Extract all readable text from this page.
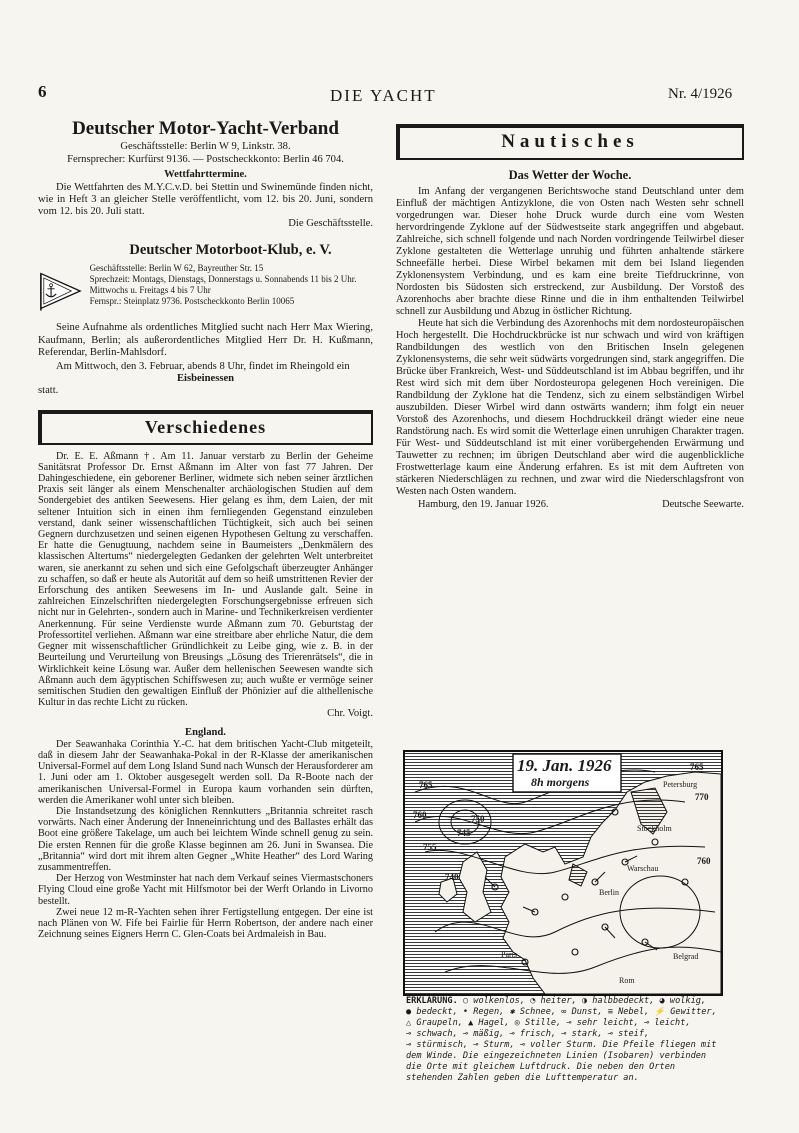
6	DIE YACHT	Nr. 4/1926
Deutscher Motor-Yacht-Verband
Geschäftsstelle: Berlin W 9, Linkstr. 38.
Fernsprecher: Kurfürst 9136. — Postscheckkonto: Berlin 46 704.
Wettfahrttermine.

Die Wettfahrten des M.Y.C.v.D. bei Stettin und Swinemünde finden nicht, wie in Heft 3 an gleicher Stelle veröffentlicht, vom 12. bis 20. Juni, sondern vom 12. bis 20. Juli statt.

Die Geschäftsstelle.
Deutscher Motorboot-Klub, e. V.
Geschäftsstelle: Berlin W 62, Bayreuther Str. 15
Sprechzeit: Montags, Dienstags, Donnerstags u. Sonnabends 11 bis 2 Uhr. Mittwochs u. Freitags 4 bis 7 Uhr
Fernspr.: Steinplatz 9736. Postscheckkonto Berlin 10065

Seine Aufnahme als ordentliches Mitglied sucht nach Herr Max Wiering, Kaufmann, Berlin; als außerordentliches Mitglied Herr Dr. H. Kußmann, Referendar, Berlin-Mahlsdorf.

Am Mittwoch, den 3. Februar, abends 8 Uhr, findet im Rheingold ein

Eisbeinessen
statt.
Verschiedenes

Dr. E. E. Aßmann †. Am 11. Januar verstarb zu Berlin der Geheime Sanitätsrat Professor Dr. Ernst Aßmann im Alter von fast 77 Jahren. Der Dahingeschiedene, ein geborener Berliner, widmete sich neben seiner ärztlichen Praxis seit länger als einem Menschenalter archäologischen Studien auf dem Sondergebiet des antiken Seewesens. Hier gelang es ihm, dem Laien, der mit seltener Intuition sich in einen ihm fernliegenden Gegenstand einzuleben verstand, dank seiner wissenschaftlichen Tüchtigkeit, sich auch bei seinen Gegnern durchzusetzen und seinen eigenen Hypothesen Geltung zu verschaffen. Er hatte die Genugtuung, nachdem seine in Baumeisters „Denkmälern des klassischen Altertums“ niedergelegten Gedanken der gelehrten Welt unterbreitet waren, sie anerkannt zu sehen und sich eine Gefolgschaft überzeugter Anhänger zu schaffen, so daß er heute als Autorität auf dem so heiß umstrittenen Revier der Erforschung des antiken Seewesens im In- und Auslande galt. Seine in zahlreichen Einzelschriften niedergelegten Forschungsergebnisse erfreuen sich nicht nur in Gelehrten-, sondern auch in Marine- und Technikerkreisen verdienter Anerkennung. Für seine Verdienste wurde Aßmann zum 70. Geburtstag der Professortitel verliehen. Aßmann war eine streitbare aber ehrliche Natur, die dem Gegner mit wissenschaftlicher Gründlichkeit zu Leibe ging, wie z. B. in der Beurteilung und Verurteilung von Breusings „Lösung des Trierenrätsels“, die in Wirklichkeit keine Lösung war. Außer dem hellenischen Seewesen wandte sich Aßmann auch dem ägyptischen Schiffswesen zu; auch wußte er vermöge seiner semitischen Studien den gewaltigen Einfluß der Phönizier auf die althellenische Kultur in das rechte Licht zu rücken.

Chr. Voigt.
England.

Der Seawanhaka Corinthia Y.-C. hat dem britischen Yacht-Club mitgeteilt, daß in diesem Jahr der Seawanhaka-Pokal in der R-Klasse der amerikanischen Universal-Formel auf dem Long Island Sund nach Wunsch der Herausforderer am 1. Juni oder am 1. Oktober ausgesegelt werden soll. Da R-Boote nach der amerikanischen Universal-Formel in Europa kaum vorhanden sein dürften, werden die Amerikaner wohl unter sich bleiben.

Die Instandsetzung des königlichen Rennkutters „Britannia schreitet rasch vorwärts. Nach einer Änderung der Inneneinrichtung und des Ballastes erhält das Boot eine größere Takelage, um auch bei leichtem Winde schnell genug zu sein. Die ersten Rennen für die große Klasse beginnen am 26. Juni in Swansea. Die „Britannia“ wird dort mit ihrem alten Gegner „White Heather“ des Lord Waring zusammentreffen.

Der Herzog von Westminster hat nach dem Verkauf seines Viermastschoners Flying Cloud eine große Yacht mit Hilfsmotor bei der Werft Orlando in Livorno bestellt.

Zwei neue 12 m-R-Yachten sehen ihrer Fertigstellung entgegen. Der eine ist nach Plänen von W. Fife bei Fairlie für Herrn Robertson, der andere nach einer Zeichnung seines Eigners Herrn C. Glen-Coats bei Ardmaleish in Bau.

Nautisches
Das Wetter der Woche.

Im Anfang der vergangenen Berichtswoche stand Deutschland unter dem Einfluß der mächtigen Antizyklone, die von Osten nach Westen sehr schnell vorgedrungen war. Dieser hohe Druck wurde durch eine vom Westen hervordringende Zyklone auf der Südwestseite stark angegriffen und abgebaut. Zahlreiche, sich schnell folgende und nach Norden vordringende Teilwirbel dieser Zyklone gestalteten die Wetterlage unruhig und führten anhaltende stärkere Schneefälle herbei. Diese Wirbel bekamen mit dem bei Island liegenden Zyklonensystem Verbindung, und es kam eine breite Tiefdruckrinne, von Nordosten bis Südosten sich erstreckend, zur Ausbildung. Der Vorstoß des Azorenhochs aber brachte diese Rinne und die in ihm enthaltenden Teilwirbel schnell zur Ausbildung und Abzug in östlicher Richtung.

Heute hat sich die Verbindung des Azorenhochs mit dem nordosteuropäischen Hoch hergestellt. Die Hochdruckbrücke ist nur schwach und wird von kräftigen Randbildungen des westlich von den Britischen Inseln gelegenen Zyklonensystems, die sehr weit südwärts vorgedrungen sind, stark angegriffen. Die Brücke über Frankreich, West- und Süddeutschland ist im Abbau begriffen, und ihr Rest wird sich mit dem über Nordosteuropa gelegenen Hoch vereinigen. Die Randbildung der Zyklone hat die Tendenz, sich zu einem selbständigen Wirbel auszubilden. Dieser Wirbel wird dann ostwärts wandern; ihm folgt ein neuer Vorstoß des Azorenhochs, und diesem Hochdruckkeil drängt wieder eine neue Randstörung nach. Es wird somit die Wetterlage einen unruhigen Charakter tragen. Für West- und Süddeutschland ist mit einer vorübergehenden Erwärmung und Tauwetter zu rechnen; im übrigen Deutschland aber wird die augenblickliche Frostwetterlage kaum eine Änderung erfahren. Es ist mit dem Auftreten von stärkeren Niederschlägen zu rechnen, und zwar wird die Niederschlagsfront von Westen nach Osten wandern.

Hamburg, den 19. Januar 1926.	Deutsche Seewarte.
19. Jan. 1926
8h morgens
765
760
755
750
745
740
770
760
765
Warschau
Berlin
Paris	Belgrad
Petersburg
Rom
Stockholm
ERKLÄRUNG. ○ wolkenlos, ◔ heiter, ◑ halbbedeckt, ◕ wolkig,
● bedeckt, • Regen, ✱ Schnee, ∞ Dunst, ≡ Nebel, ⚡ Gewitter,
△ Graupeln, ▲ Hagel, ◎ Stille, ⊸ sehr leicht, ⊸ leicht,
⊸ schwach, ⊸ mäßig, ⊸ frisch, ⊸ stark, ⊸ steif,
⊸ stürmisch, ⊸ Sturm, ⊸ voller Sturm. Die Pfeile fliegen mit
dem Winde. Die eingezeichneten Linien (Isobaren) verbinden
die Orte mit gleichem Luftdruck. Die neben den Orten
stehenden Zahlen geben die Lufttemperatur an.
